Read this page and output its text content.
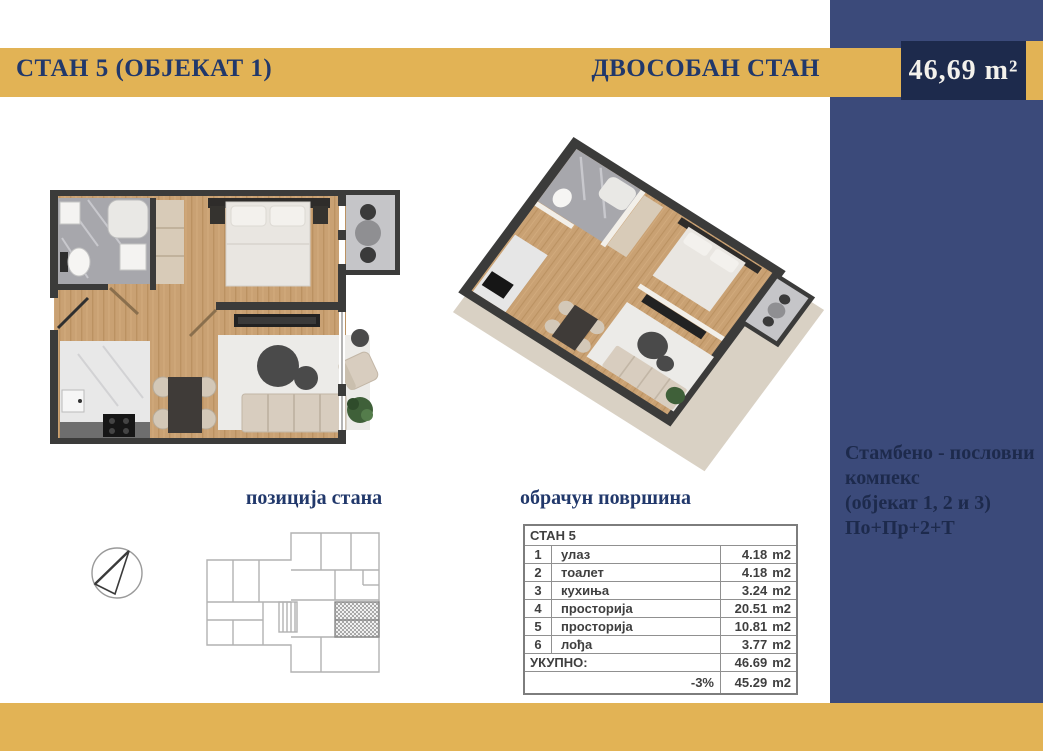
Стамбено - пословни
компекс
(објекат 1, 2 и 3)
По+Пр+2+Т
СТАН 5 (ОБЈЕКАТ 1)	ДВОСОБАН СТАН	46,69 m²
позиција стана	обрачун површина
СТАН 5
1	улаз	4.18 m2
2	тоалет	4.18 m2
3	кухиња	3.24 m2
4	просторија	20.51 m2
5	просторија	10.81 m2
6	лођа	3.77 m2
УКУПНО:	46.69 m2
-3%	45.29 m2
